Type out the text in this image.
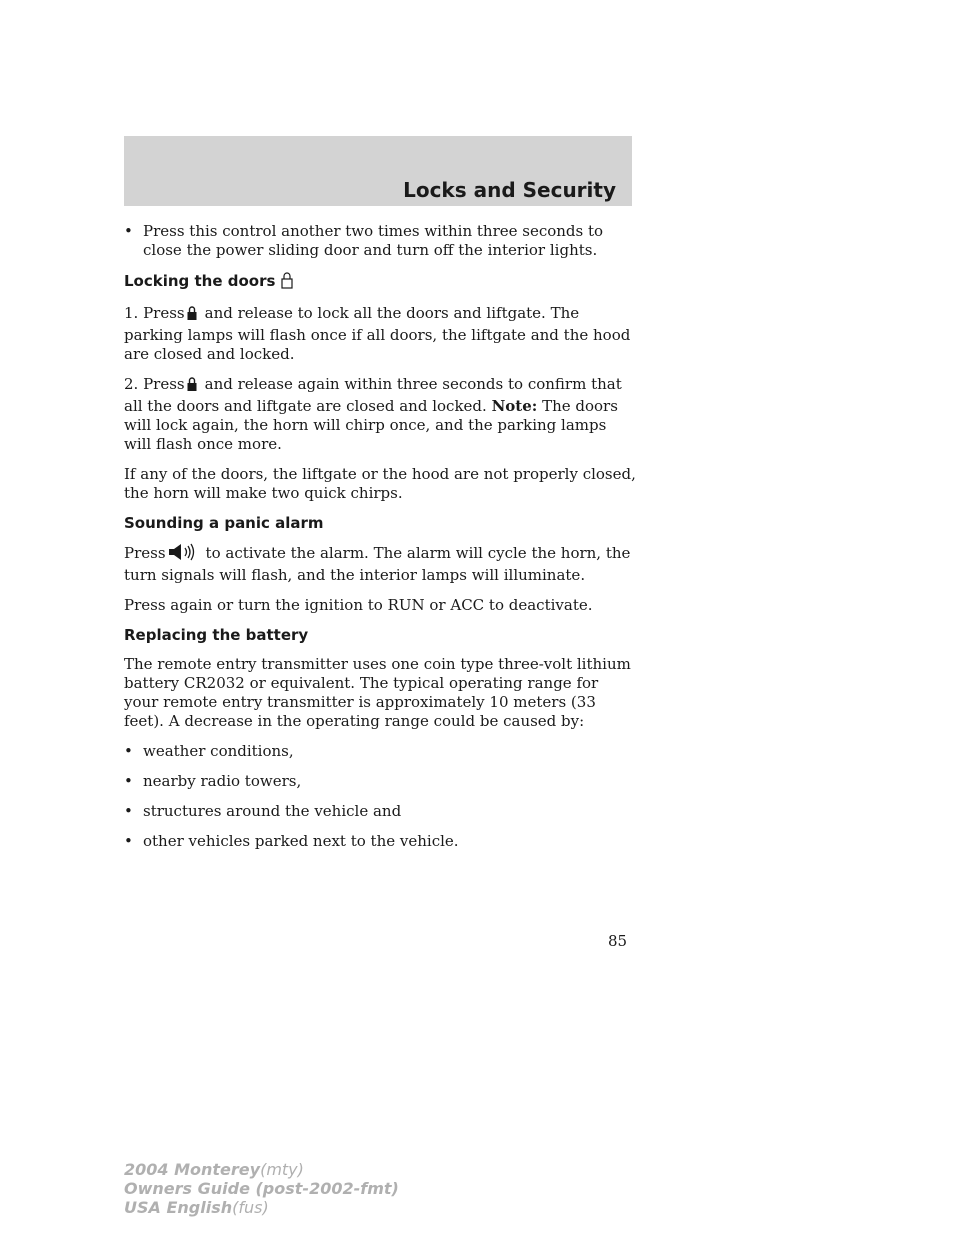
Locks and Security
• Press this control another two times within three seconds to close the power sliding door and turn off the interior lights.
Locking the doors

1. Press and release to lock all the doors and liftgate. The parking lamps will flash once if all doors, the liftgate and the hood are closed and locked.

2. Press and release again within three seconds to confirm that all the doors and liftgate are closed and locked. Note: The doors will lock again, the horn will chirp once, and the parking lamps will flash once more.

If any of the doors, the liftgate or the hood are not properly closed, the horn will make two quick chirps.

Sounding a panic alarm

Press	to activate the alarm. The alarm will cycle the horn, the turn signals will flash, and the interior lamps will illuminate.

Press again or turn the ignition to RUN or ACC to deactivate.

Replacing the battery

The remote entry transmitter uses one coin type three-volt lithium battery CR2032 or equivalent. The typical operating range for your remote entry transmitter is approximately 10 meters (33 feet). A decrease in the operating range could be caused by:

• weather conditions,
• nearby radio towers,
• structures around the vehicle and
• other vehicles parked next to the vehicle.
85
2004 Monterey(mty)
Owners Guide (post-2002-fmt)
USA English(fus)
